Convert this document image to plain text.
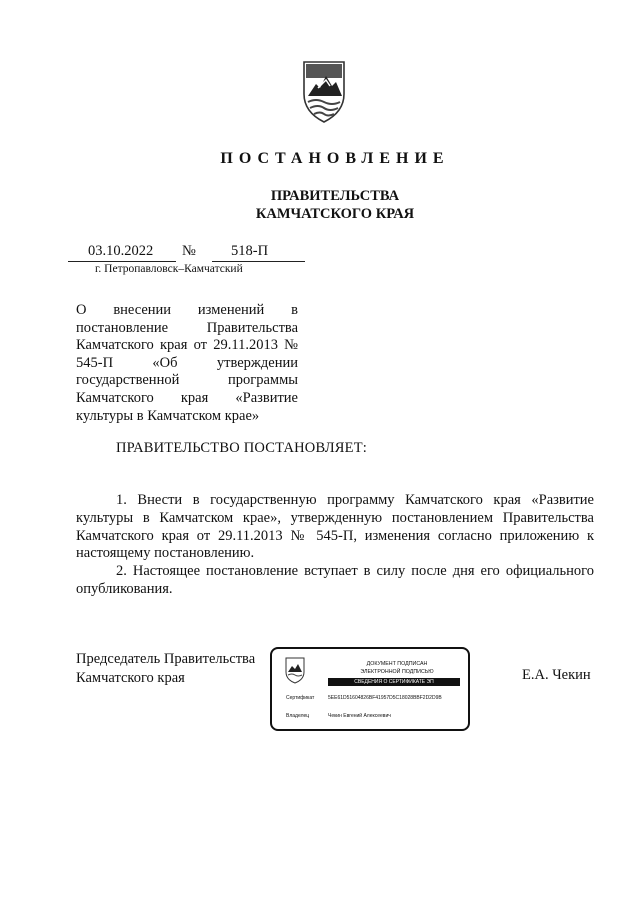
ПОСТАНОВЛЕНИЕ
ПРАВИТЕЛЬСТВА
КАМЧАТСКОГО КРАЯ
03.10.2022 № 518-П
г. Петропавловск–Камчатский
О внесении изменений в постановление Правительства Камчатского края от 29.11.2013 № 545-П «Об утверждении государственной программы Камчатского края «Развитие культуры в Камчатском крае»
ПРАВИТЕЛЬСТВО ПОСТАНОВЛЯЕТ:

1. Внести в государственную программу Камчатского края «Развитие культуры в Камчатском крае», утвержденную постановлением Правительства Камчатского края от 29.11.2013 № 545-П, изменения согласно приложению к настоящему постановлению.

2. Настоящее постановление вступает в силу после дня его официального опубликования.

Председатель Правительства
Камчатского края
ДОКУМЕНТ ПОДПИСАН
ЭЛЕКТРОННОЙ ПОДПИСЬЮ
СВЕДЕНИЯ О СЕРТИФИКАТЕ ЭП
Сертификат	5EE61D51604826BF41957D5C18028BBF2D2D9B
Владелец	Чекин Евгений Алексеевич
Е.А. Чекин
